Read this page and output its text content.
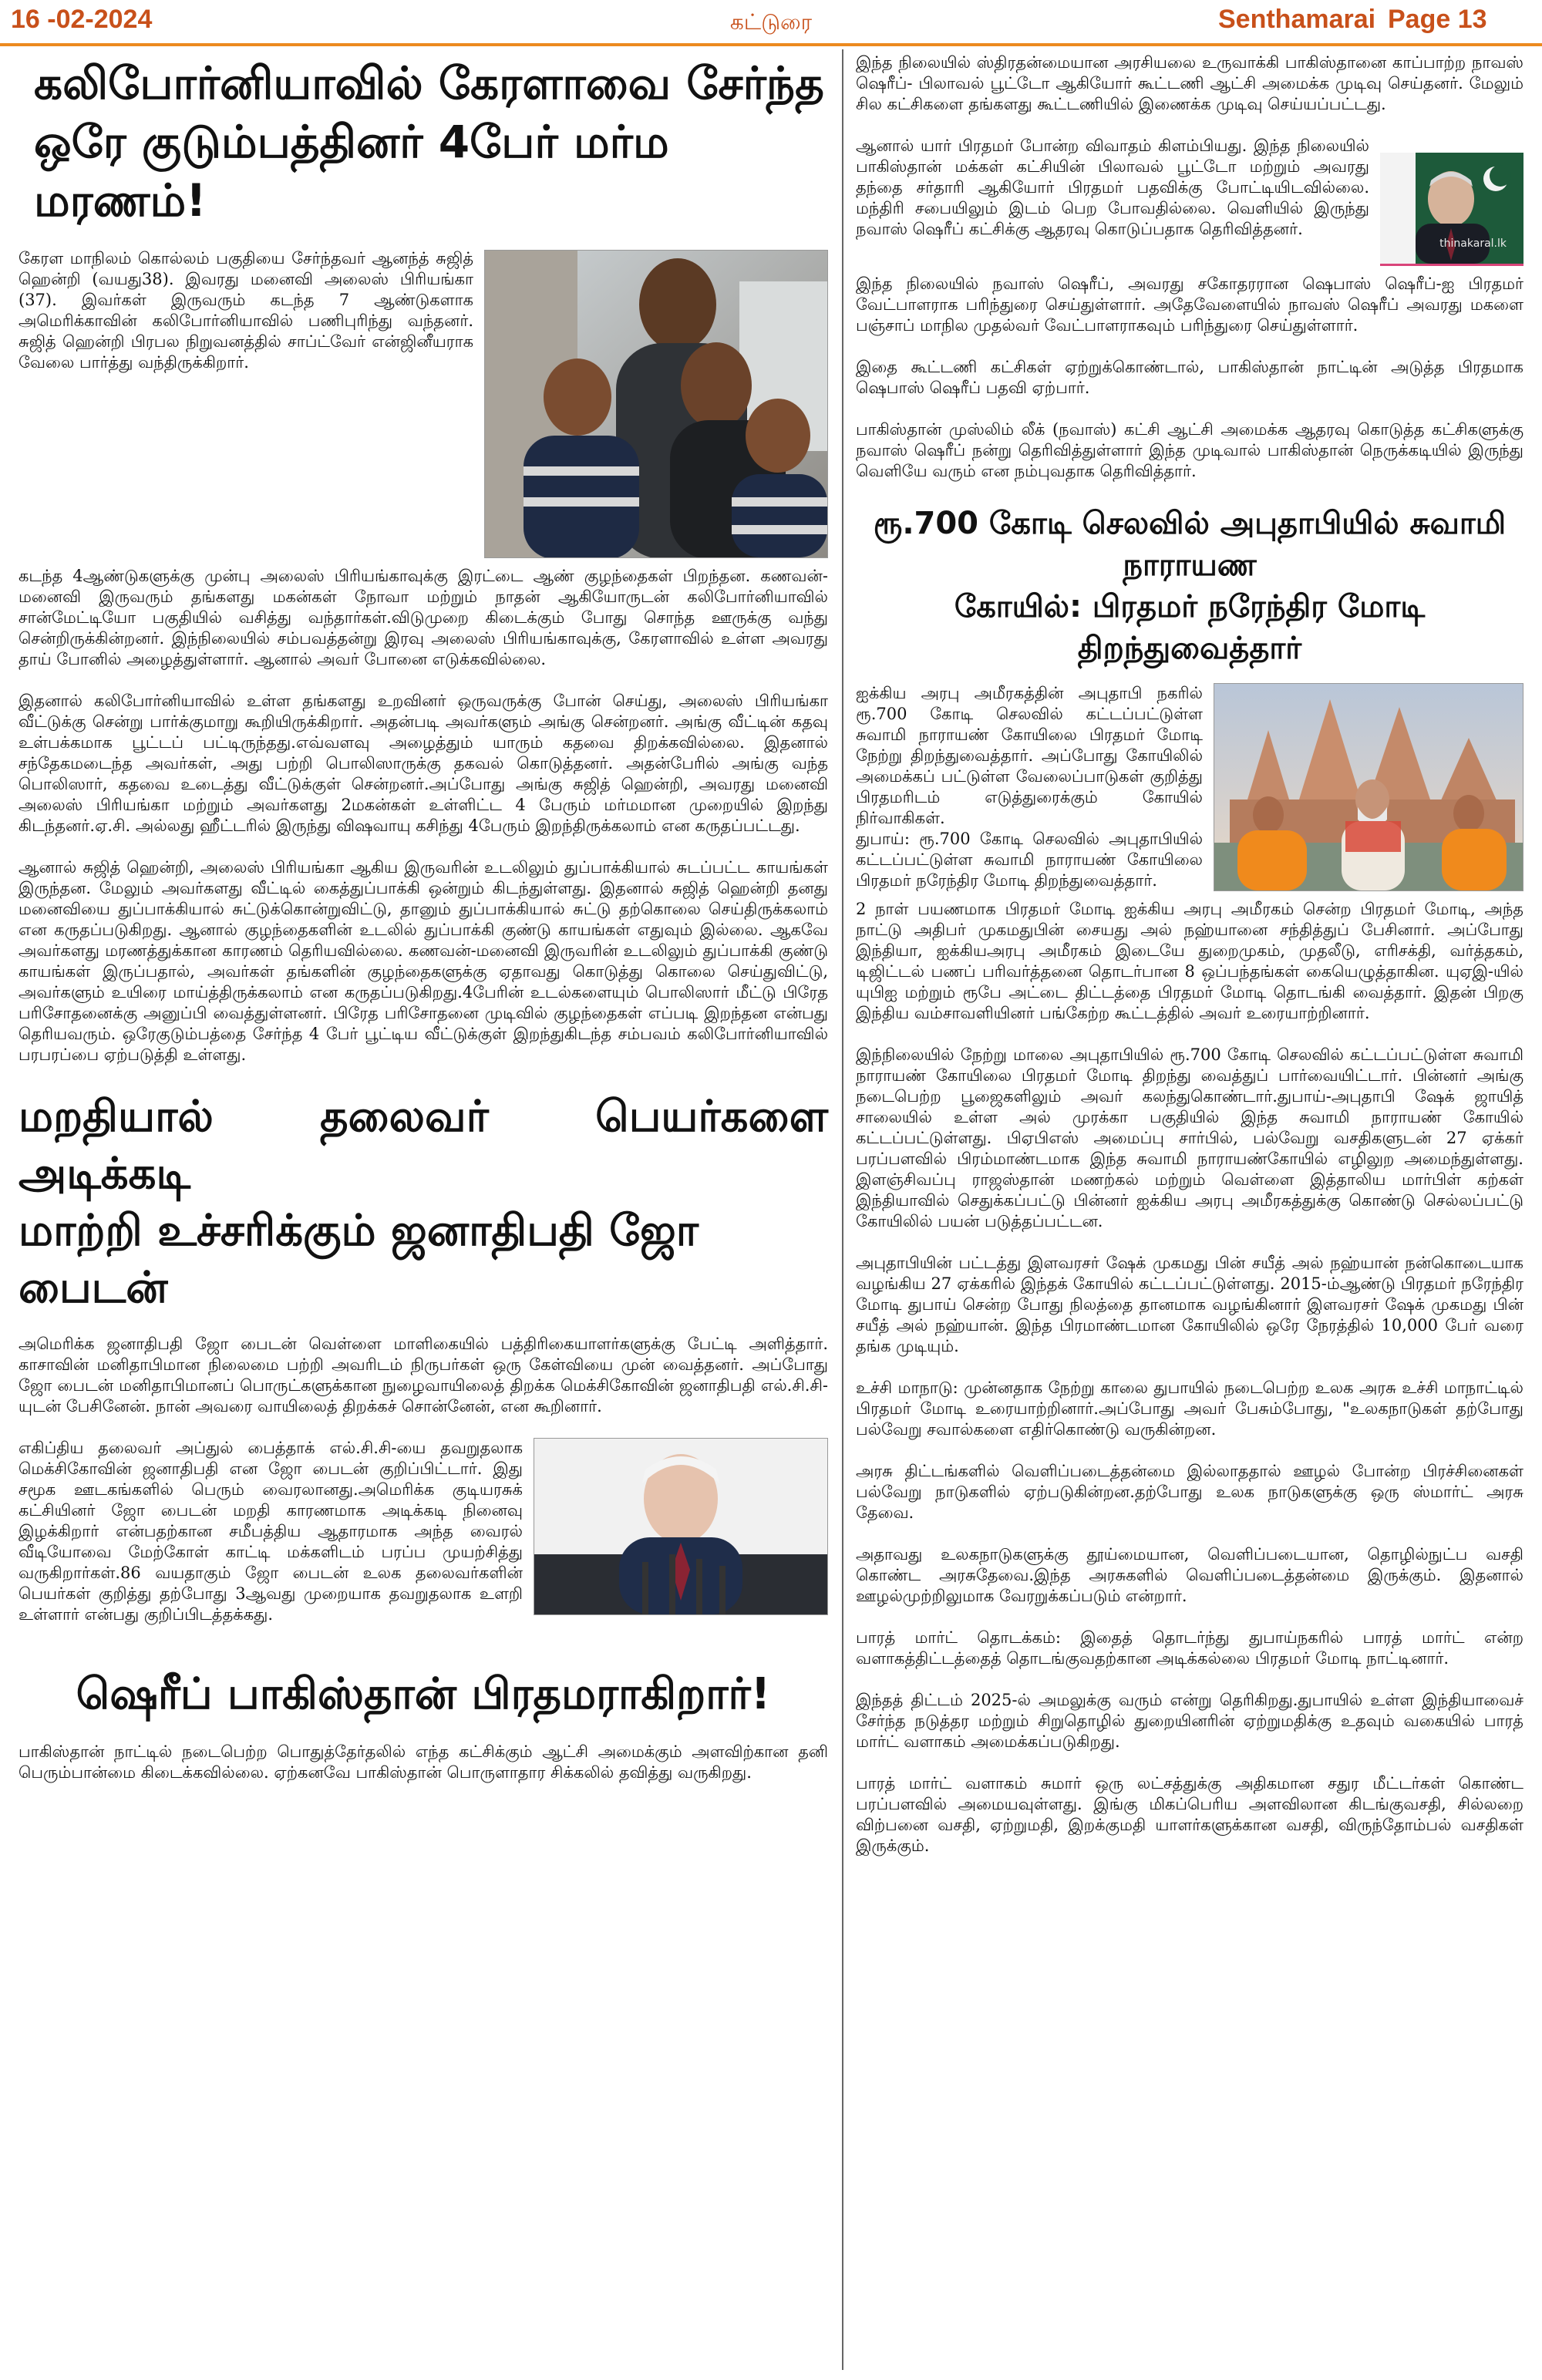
16 -02-2024	கட்டுரை	Senthamarai Page 13
கலிபோர்னியாவில் கேரளாவை சேர்ந்த
ஒரே குடும்பத்தினர் 4பேர் மர்ம மரணம்!

கேரள மாநிலம் கொல்லம் பகுதியை சேர்ந்தவர் ஆனந்த் சுஜித் ஹென்றி (வயது38). இவரது மனைவி அலைஸ் பிரியங்கா (37). இவர்கள் இருவரும் கடந்த 7 ஆண்டுகளாக அமெரிக்காவின் கலிபோர்னியாவில் பணிபுரிந்து வந்தனர். சுஜித் ஹென்றி பிரபல நிறுவனத்தில் சாப்ட்வேர் என்ஜினீயராக வேலை பார்த்து வந்திருக்கிறார்.

கடந்த 4ஆண்டுகளுக்கு முன்பு அலைஸ் பிரியங்காவுக்கு இரட்டை ஆண் குழந்தைகள் பிறந்தன. கணவன்-மனைவி இருவரும் தங்களது மகன்கள் நோவா மற்றும் நாதன் ஆகியோருடன் கலிபோர்னியாவில் சான்மேட்டியோ பகுதியில் வசித்து வந்தார்கள்.விடுமுறை கிடைக்கும் போது சொந்த ஊருக்கு வந்து சென்றிருக்கின்றனர். இந்நிலையில் சம்பவத்தன்று இரவு அலைஸ் பிரியங்காவுக்கு, கேரளாவில் உள்ள அவரது தாய் போனில் அழைத்துள்ளார். ஆனால் அவர் போனை எடுக்கவில்லை.

இதனால் கலிபோர்னியாவில் உள்ள தங்களது உறவினர் ஒருவருக்கு போன் செய்து, அலைஸ் பிரியங்கா வீட்டுக்கு சென்று பார்க்குமாறு கூறியிருக்கிறார். அதன்படி அவர்களும் அங்கு சென்றனர். அங்கு வீட்டின் கதவு உள்பக்கமாக பூட்டப் பட்டிருந்தது.எவ்வளவு அழைத்தும் யாரும் கதவை திறக்கவில்லை. இதனால் சந்தேகமடைந்த அவர்கள், அது பற்றி பொலிஸாருக்கு தகவல் கொடுத்தனர். அதன்பேரில் அங்கு வந்த பொலிஸார், கதவை உடைத்து வீட்டுக்குள் சென்றனர்.அப்போது அங்கு சுஜித் ஹென்றி, அவரது மனைவி அலைஸ் பிரியங்கா மற்றும் அவர்களது 2மகன்கள் உள்ளிட்ட 4 பேரும் மர்மமான முறையில் இறந்து கிடந்தனர்.ஏ.சி. அல்லது ஹீட்டரில் இருந்து விஷவாயு கசிந்து 4பேரும் இறந்திருக்கலாம் என கருதப்பட்டது.

ஆனால் சுஜித் ஹென்றி, அலைஸ் பிரியங்கா ஆகிய இருவரின் உடலிலும் துப்பாக்கியால் சுடப்பட்ட காயங்கள் இருந்தன. மேலும் அவர்களது வீட்டில் கைத்துப்பாக்கி ஒன்றும் கிடந்துள்ளது. இதனால் சுஜித் ஹென்றி தனது மனைவியை துப்பாக்கியால் சுட்டுக்கொன்றுவிட்டு, தானும் துப்பாக்கியால் சுட்டு தற்கொலை செய்திருக்கலாம் என கருதப்படுகிறது. ஆனால் குழந்தைகளின் உடலில் துப்பாக்கி குண்டு காயங்கள் எதுவும் இல்லை. ஆகவே அவர்களது மரணத்துக்கான காரணம் தெரியவில்லை. கணவன்-மனைவி இருவரின் உடலிலும் துப்பாக்கி குண்டு காயங்கள் இருப்பதால், அவர்கள் தங்களின் குழந்தைகளுக்கு ஏதாவது கொடுத்து கொலை செய்துவிட்டு, அவர்களும் உயிரை மாய்த்திருக்கலாம் என கருதப்படுகிறது.4பேரின் உடல்களையும் பொலிஸார் மீட்டு பிரேத பரிசோதனைக்கு அனுப்பி வைத்துள்ளனர். பிரேத பரிசோதனை முடிவில் குழந்தைகள் எப்படி இறந்தன என்பது தெரியவரும். ஒரேகுடும்பத்தை சேர்ந்த 4 பேர் பூட்டிய வீட்டுக்குள் இறந்துகிடந்த சம்பவம் கலிபோர்னியாவில் பரபரப்பை ஏற்படுத்தி உள்ளது.

மறதியால் தலைவர் பெயர்களை அடிக்கடி
மாற்றி உச்சரிக்கும் ஜனாதிபதி ஜோ பைடன்

அமெரிக்க ஜனாதிபதி ஜோ பைடன் வெள்ளை மாளிகையில் பத்திரிகையாளர்களுக்கு பேட்டி அளித்தார். காசாவின் மனிதாபிமான நிலைமை பற்றி அவரிடம் நிருபர்கள் ஒரு கேள்வியை முன் வைத்தனர். அப்போது ஜோ பைடன் மனிதாபிமானப் பொருட்களுக்கான நுழைவாயிலைத் திறக்க மெக்சிகோவின் ஜனாதிபதி எல்.சி.சி-யுடன் பேசினேன். நான் அவரை வாயிலைத் திறக்கச் சொன்னேன், என கூறினார்.

எகிப்திய தலைவர் அப்துல் பைத்தாக் எல்.சி.சி-யை தவறுதலாக மெக்சிகோவின் ஜனாதிபதி என ஜோ பைடன் குறிப்பிட்டார். இது சமூக ஊடகங்களில் பெரும் வைரலானது.அமெரிக்க குடியரசுக் கட்சியினர் ஜோ பைடன் மறதி காரணமாக அடிக்கடி நினைவு இழக்கிறார் என்பதற்கான சமீபத்திய ஆதாரமாக அந்த வைரல் வீடியோவை மேற்கோள் காட்டி மக்களிடம் பரப்ப முயற்சித்து வருகிறார்கள்.86 வயதாகும் ஜோ பைடன் உலக தலைவர்களின் பெயர்கள் குறித்து தற்போது 3ஆவது முறையாக தவறுதலாக உளறி உள்ளார் என்பது குறிப்பிடத்தக்கது.

ஷெரீப் பாகிஸ்தான் பிரதமராகிறார்!

பாகிஸ்தான் நாட்டில் நடைபெற்ற பொதுத்தேர்தலில் எந்த கட்சிக்கும் ஆட்சி அமைக்கும் அளவிற்கான தனி பெரும்பான்மை கிடைக்கவில்லை. ஏற்கனவே பாகிஸ்தான் பொருளாதார சிக்கலில் தவித்து வருகிறது.

இந்த நிலையில் ஸ்திரதன்மையான அரசியலை உருவாக்கி பாகிஸ்தானை காப்பாற்ற நாவஸ் ஷெரீப்- பிலாவல் பூட்டோ ஆகியோர் கூட்டணி ஆட்சி அமைக்க முடிவு செய்தனர். மேலும் சில கட்சிகளை தங்களது கூட்டணியில் இணைக்க முடிவு செய்யப்பட்டது.

thinakaral.lk

ஆனால் யார் பிரதமர் போன்ற விவாதம் கிளம்பியது. இந்த நிலையில் பாகிஸ்தான் மக்கள் கட்சியின் பிலாவல் பூட்டோ மற்றும் அவரது தந்தை சர்தாரி ஆகியோர் பிரதமர் பதவிக்கு போட்டியிடவில்லை. மந்திரி சபையிலும் இடம் பெற போவதில்லை. வெளியில் இருந்து நவாஸ் ஷெரீப் கட்சிக்கு ஆதரவு கொடுப்பதாக தெரிவித்தனர்.

இந்த நிலையில் நவாஸ் ஷெரீப், அவரது சகோதரரான ஷெபாஸ் ஷெரீப்-ஐ பிரதமர் வேட்பாளராக பரிந்துரை செய்துள்ளார். அதேவேளையில் நாவஸ் ஷெரீப் அவரது மகளை பஞ்சாப் மாநில முதல்வர் வேட்பாளராகவும் பரிந்துரை செய்துள்ளார்.

இதை கூட்டணி கட்சிகள் ஏற்றுக்கொண்டால், பாகிஸ்தான் நாட்டின் அடுத்த பிரதமாக ஷெபாஸ் ஷெரீப் பதவி ஏற்பார்.

பாகிஸ்தான் முஸ்லிம் லீக் (நவாஸ்) கட்சி ஆட்சி அமைக்க ஆதரவு கொடுத்த கட்சிகளுக்கு நவாஸ் ஷெரீப் நன்று தெரிவித்துள்ளார் இந்த முடிவால் பாகிஸ்தான் நெருக்கடியில் இருந்து வெளியே வரும் என நம்புவதாக தெரிவித்தார்.

ரூ.700 கோடி செலவில் அபுதாபியில் சுவாமி நாராயண
கோயில்: பிரதமர் நரேந்திர மோடி திறந்துவைத்தார்

ஐக்கிய அரபு அமீரகத்தின் அபுதாபி நகரில் ரூ.700 கோடி செலவில் கட்டப்பட்டுள்ள சுவாமி நாராயண் கோயிலை பிரதமர் மோடி நேற்று திறந்துவைத்தார். அப்போது கோயிலில் அமைக்கப் பட்டுள்ள வேலைப்பாடுகள் குறித்து பிரதமரிடம் எடுத்துரைக்கும் கோயில் நிர்வாகிகள்.

துபாய்: ரூ.700 கோடி செலவில் அபுதாபியில் கட்டப்பட்டுள்ள சுவாமி நாராயண் கோயிலை பிரதமர் நரேந்திர மோடி திறந்துவைத்தார்.

2 நாள் பயணமாக பிரதமர் மோடி ஐக்கிய அரபு அமீரகம் சென்ற பிரதமர் மோடி, அந்த நாட்டு அதிபர் முகமதுபின் சையது அல் நஹ்யானை சந்தித்துப் பேசினார். அப்போது இந்தியா, ஐக்கியஅரபு அமீரகம் இடையே துறைமுகம், முதலீடு, எரிசக்தி, வர்த்தகம், டிஜிட்டல் பணப் பரிவர்த்தனை தொடர்பான 8 ஒப்பந்தங்கள் கையெழுத்தாகின. யுஏஇ-யில் யுபிஐ மற்றும் ரூபே அட்டை திட்டத்தை பிரதமர் மோடி தொடங்கி வைத்தார். இதன் பிறகு இந்திய வம்சாவளியினர் பங்கேற்ற கூட்டத்தில் அவர் உரையாற்றினார்.

இந்நிலையில் நேற்று மாலை அபுதாபியில் ரூ.700 கோடி செலவில் கட்டப்பட்டுள்ள சுவாமி நாராயண் கோயிலை பிரதமர் மோடி திறந்து வைத்துப் பார்வையிட்டார். பின்னர் அங்கு நடைபெற்ற பூஜைகளிலும் அவர் கலந்துகொண்டார்.துபாய்-அபுதாபி ஷேக் ஜாயித் சாலையில் உள்ள அல் முரக்கா பகுதியில் இந்த சுவாமி நாராயண் கோயில் கட்டப்பட்டுள்ளது. பிஏபிஎஸ் அமைப்பு சார்பில், பல்வேறு வசதிகளுடன் 27 ஏக்கர் பரப்பளவில் பிரம்மாண்டமாக இந்த சுவாமி நாராயண்கோயில் எழிலுற அமைந்துள்ளது. இளஞ்சிவப்பு ராஜஸ்தான் மணற்கல் மற்றும் வெள்ளை இத்தாலிய மார்பிள் கற்கள் இந்தியாவில் செதுக்கப்பட்டு பின்னர் ஐக்கிய அரபு அமீரகத்துக்கு கொண்டு செல்லப்பட்டு கோயிலில் பயன் படுத்தப்பட்டன.

அபுதாபியின் பட்டத்து இளவரசர் ஷேக் முகமது பின் சயீத் அல் நஹ்யான் நன்கொடையாக வழங்கிய 27 ஏக்கரில் இந்தக் கோயில் கட்டப்பட்டுள்ளது. 2015-ம்ஆண்டு பிரதமர் நரேந்திர மோடி துபாய் சென்ற போது நிலத்தை தானமாக வழங்கினார் இளவரசர் ஷேக் முகமது பின் சயீத் அல் நஹ்யான். இந்த பிரமாண்டமான கோயிலில் ஒரே நேரத்தில் 10,000 பேர் வரை தங்க முடியும்.

உச்சி மாநாடு: முன்னதாக நேற்று காலை துபாயில் நடைபெற்ற உலக அரசு உச்சி மாநாட்டில் பிரதமர் மோடி உரையாற்றினார்.அப்போது அவர் பேசும்போது, "உலகநாடுகள் தற்போது பல்வேறு சவால்களை எதிர்கொண்டு வருகின்றன.

அரசு திட்டங்களில் வெளிப்படைத்தன்மை இல்லாததால் ஊழல் போன்ற பிரச்சினைகள் பல்வேறு நாடுகளில் ஏற்படுகின்றன.தற்போது உலக நாடுகளுக்கு ஒரு ஸ்மார்ட் அரசு தேவை.

அதாவது உலகநாடுகளுக்கு தூய்மையான, வெளிப்படையான, தொழில்நுட்ப வசதி கொண்ட அரசுதேவை.இந்த அரசுகளில் வெளிப்படைத்தன்மை இருக்கும். இதனால் ஊழல்முற்றிலுமாக வேரறுக்கப்படும் என்றார்.

பாரத் மார்ட் தொடக்கம்: இதைத் தொடர்ந்து துபாய்நகரில் பாரத் மார்ட் என்ற வளாகத்திட்டத்தைத் தொடங்குவதற்கான அடிக்கல்லை பிரதமர் மோடி நாட்டினார்.

இந்தத் திட்டம் 2025-ல் அமலுக்கு வரும் என்று தெரிகிறது.துபாயில் உள்ள இந்தியாவைச் சேர்ந்த நடுத்தர மற்றும் சிறுதொழில் துறையினரின் ஏற்றுமதிக்கு உதவும் வகையில் பாரத் மார்ட் வளாகம் அமைக்கப்படுகிறது.

பாரத் மார்ட் வளாகம் சுமார் ஒரு லட்சத்துக்கு அதிகமான சதுர மீட்டர்கள் கொண்ட பரப்பளவில் அமையவுள்ளது. இங்கு மிகப்பெரிய அளவிலான கிடங்குவசதி, சில்லறை விற்பனை வசதி, ஏற்றுமதி, இறக்குமதி யாளர்களுக்கான வசதி, விருந்தோம்பல் வசதிகள் இருக்கும்.
